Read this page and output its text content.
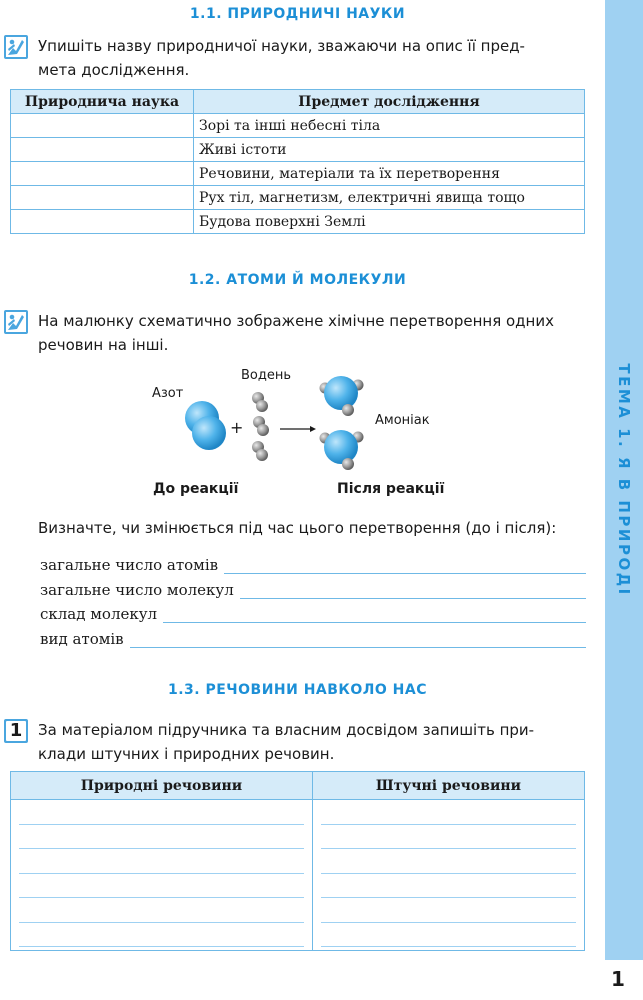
ТЕМА 1. Я В ПРИРОДІ
1
1.1. ПРИРОДНИЧІ НАУКИ
Упишіть назву природничої науки, зважаючи на опис її пред-
мета дослідження.
Природнича наука	Предмет дослідження
	Зорі та інші небесні тіла
	Живі істоти
	Речовини, матеріали та їх перетворення
	Рух тіл, магнетизм, електричні явища тощо
	Будова поверхні Землі
1.2. АТОМИ Й МОЛЕКУЛИ
На малюнку схематично зображене хімічне перетворення одних
речовин на інші.
Азот
Водень
Амоніак
+
До реакції	Після реакції
Визначте, чи змінюється під час цього перетворення (до і після):
загальне число атомів
загальне число молекул
склад молекул
вид атомів
1.3. РЕЧОВИНИ НАВКОЛО НАС
1 За матеріалом підручника та власним досвідом запишіть при-
клади штучних і природних речовин.
Природні речовини	Штучні речовини
